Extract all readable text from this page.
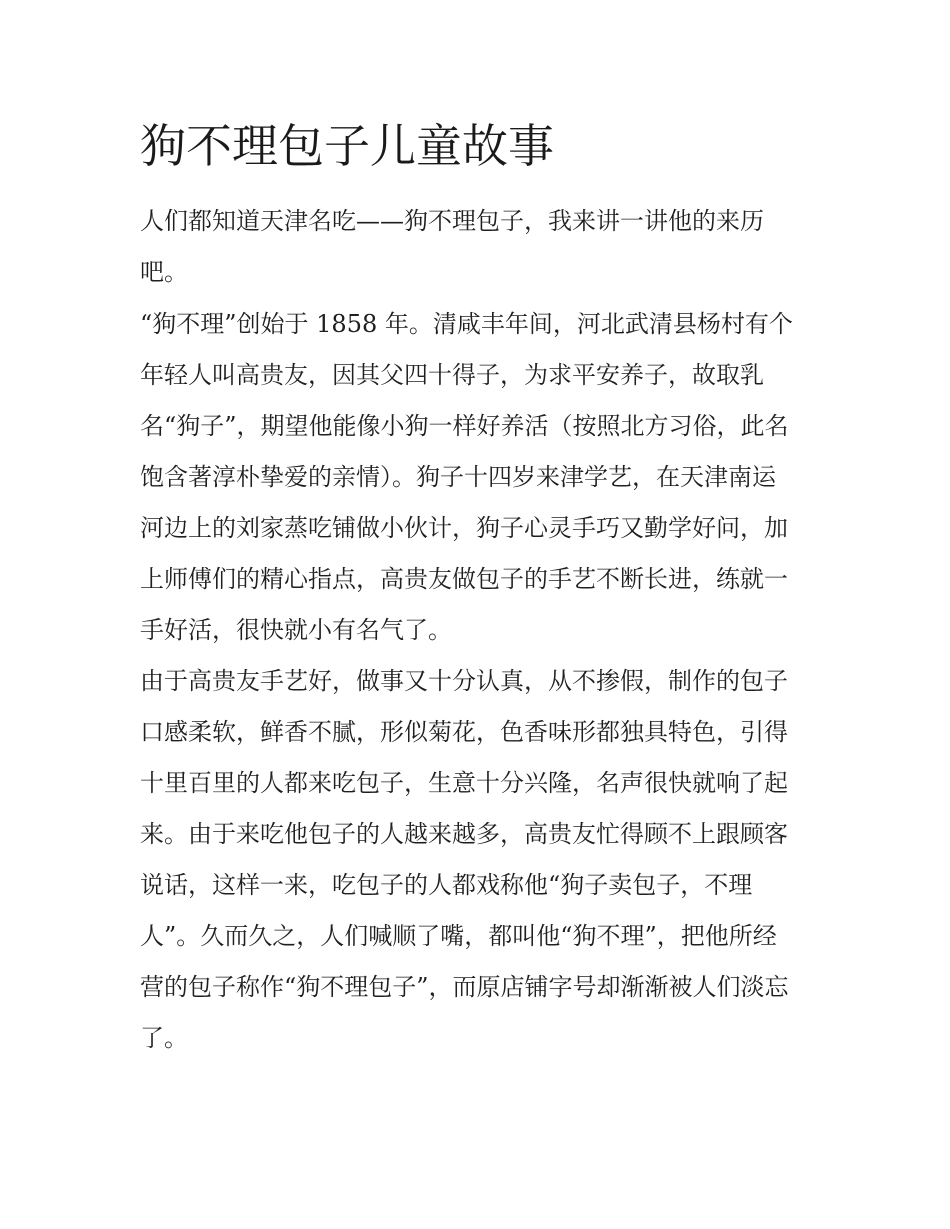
狗不理包子儿童故事

人们都知道天津名吃——狗不理包子，我来讲一讲他的来历

吧。

“狗不理”创始于 1858 年。清咸丰年间，河北武清县杨村有个

年轻人叫高贵友，因其父四十得子，为求平安养子，故取乳

名“狗子”，期望他能像小狗一样好养活（按照北方习俗，此名

饱含著淳朴挚爱的亲情）。狗子十四岁来津学艺，在天津南运

河边上的刘家蒸吃铺做小伙计，狗子心灵手巧又勤学好问，加

上师傅们的精心指点，高贵友做包子的手艺不断长进，练就一

手好活，很快就小有名气了。

由于高贵友手艺好，做事又十分认真，从不掺假，制作的包子

口感柔软，鲜香不腻，形似菊花，色香味形都独具特色，引得

十里百里的人都来吃包子，生意十分兴隆，名声很快就响了起

来。由于来吃他包子的人越来越多，高贵友忙得顾不上跟顾客

说话，这样一来，吃包子的人都戏称他“狗子卖包子，不理

人”。久而久之，人们喊顺了嘴，都叫他“狗不理”，把他所经

营的包子称作“狗不理包子”，而原店铺字号却渐渐被人们淡忘

了。
